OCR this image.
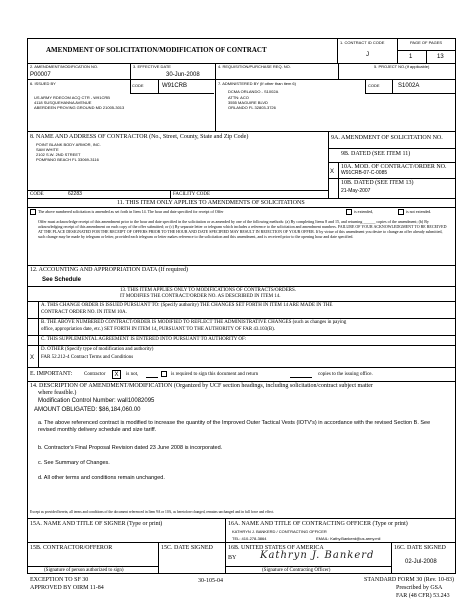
AMENDMENT OF SOLICITATION/MODIFICATION OF CONTRACT
1. CONTRACT ID CODE
J
PAGE OF PAGES
1	13
2. AMENDMENT/MODIFICATION NO.
P00007
3. EFFECTIVE DATE
30-Jun-2008
4. REQUISITION/PURCHASE REQ. NO.	5. PROJECT NO.(If applicable)
6. ISSUED BY	CODE	W91CRB
US ARMY RDECOM ACQ CTR - W91CRB
4118 SUSQUEHANNA AVENUE
ABERDEEN PROVING GROUND MD 21005-3013
7. ADMINISTERED BY (If other than item 6)	CODE	S1002A
DCMA ORLANDO - S1002A
ATTN: ACO
3555 MAGUIRE BLVD
ORLANDO FL 32803-3726
8. NAME AND ADDRESS OF CONTRACTOR (No., Street, County, State and Zip Code)
POINT BLANK BODY ARMOR, INC.
SAM WHITE
2102 S.W. 2ND STREET
POMPANO BEACH FL 33069-3116
CODE	62283	FACILITY CODE
9A. AMENDMENT OF SOLICITATION NO.
9B. DATED (SEE ITEM 11)
X
10A. MOD. OF CONTRACT/ORDER NO.
W91CRB-07-C-0085
10B. DATED (SEE ITEM 13)
21-May-2007
11. THIS ITEM ONLY APPLIES TO AMENDMENTS OF SOLICITATIONS
The above numbered solicitation is amended as set forth in Item 14. The hour and date specified for receipt of Offer	is extended,	is not extended.
Offer must acknowledge receipt of this amendment prior to the hour and date specified in the solicitation or as amended by one of the following methods: (a) By completing Items 8 and 15, and returning ______ copies of the amendment; (b) By acknowledging receipt of this amendment on each copy of the offer submitted; or (c) By separate letter or telegram which includes a reference to the solicitation and amendment numbers. FAILURE OF YOUR ACKNOWLEDGMENT TO BE RECEIVED AT THE PLACE DESIGNATED FOR THE RECEIPT OF OFFERS PRIOR TO THE HOUR AND DATE SPECIFIED MAY RESULT IN REJECTION OF YOUR OFFER. If by virtue of this amendment you desire to change an offer already submitted, such change may be made by telegram or letter, provided each telegram or letter makes reference to the solicitation and this amendment, and is received prior to the opening hour and date specified.
12. ACCOUNTING AND APPROPRIATION DATA (If required)
See Schedule
13. THIS ITEM APPLIES ONLY TO MODIFICATIONS OF CONTRACTS/ORDERS.
IT MODIFIES THE CONTRACT/ORDER NO. AS DESCRIBED IN ITEM 14.
A. THIS CHANGE ORDER IS ISSUED PURSUANT TO: (Specify authority) THE CHANGES SET FORTH IN ITEM 14 ARE MADE IN THE
CONTRACT ORDER NO. IN ITEM 10A.
B. THE ABOVE NUMBERED CONTRACT/ORDER IS MODIFIED TO REFLECT THE ADMINISTRATIVE CHANGES (such as changes in paying
office, appropriation date, etc.) SET FORTH IN ITEM 14, PURSUANT TO THE AUTHORITY OF FAR 43.103(B).
C. THIS SUPPLEMENTAL AGREEMENT IS ENTERED INTO PURSUANT TO AUTHORITY OF:
D. OTHER (Specify type of modification and authority)
X FAR 52.212-4 Contract Terms and Conditions
E. IMPORTANT: Contractor	X	is not,	is required to sign this document and return	copies to the issuing office.
14. DESCRIPTION OF AMENDMENT/MODIFICATION (Organized by UCF section headings, including solicitation/contract subject matter
where feasible.)
Modification Control Number: wall10082095
AMOUNT OBLIGATED: $86,184,060.00
a. The above referenced contract is modified to increase the quantity of the Improved Outer Tactical Vests (IOTV's) in accordance with the revised Section B. See revised monthly delivery schedule and size tariff.
b. Contractor's Final Proposal Revision dated 23 June 2008 is incorporated.
c. See Summary of Changes.
d. All other terms and conditions remain unchanged.
Except as provided herein, all terms and conditions of the document referenced in Item 9A or 10A, as heretofore changed, remains unchanged and in full force and effect.
15A. NAME AND TITLE OF SIGNER (Type or print)	16A. NAME AND TITLE OF CONTRACTING OFFICER (Type or print)
KATHRYN J. BANKERD / CONTRACTING OFFICER
TEL: 410-278-3864	EMAIL: Kathy.Bankerd@us.army.mil
15B. CONTRACTOR/OFFEROR	15C. DATE SIGNED	16B. UNITED STATES OF AMERICA
BY Kathryn J. Bankerd
16C. DATE SIGNED
02-Jul-2008
(Signature of person authorized to sign)	(Signature of Contracting Officer)
EXCEPTION TO SF 30
APPROVED BY OIRM 11-84
30-105-04	STANDARD FORM 30 (Rev. 10-83)
Prescribed by GSA
FAR (48 CFR) 53.243
